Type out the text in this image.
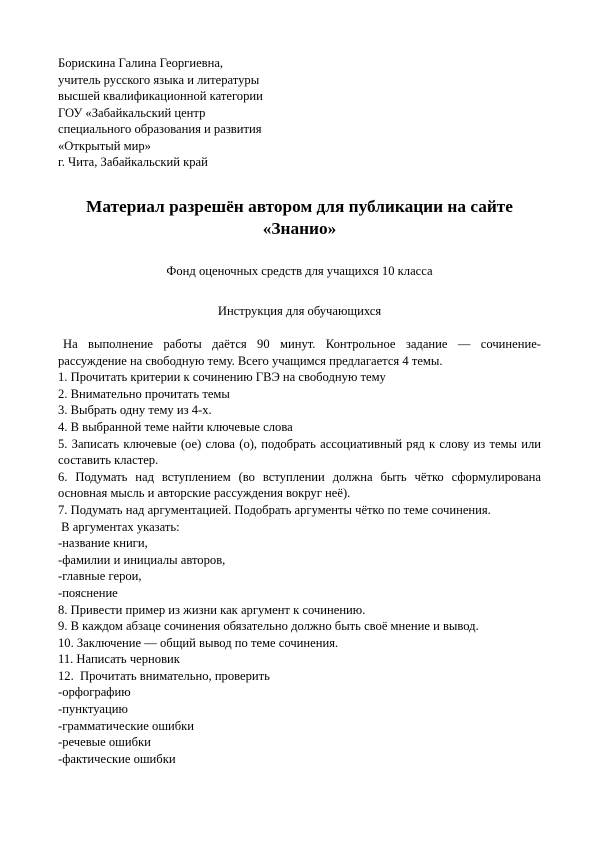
Борискина Галина Георгиевна,
учитель русского языка и литературы
высшей квалификационной категории
ГОУ «Забайкальский центр
специального образования и развития
«Открытый мир»
г. Чита, Забайкальский край
Материал разрешён автором для публикации на сайте
«Знанио»
Фонд оценочных средств для учащихся 10 класса
Инструкция для обучающихся

На выполнение работы даётся 90 минут. Контрольное задание — сочинение-рассуждение на свободную тему. Всего учащимся предлагается 4 темы.

1. Прочитать критерии к сочинению ГВЭ на свободную тему

2. Внимательно прочитать темы

3. Выбрать одну тему из 4-х.

4. В выбранной теме найти ключевые слова

5. Записать ключевые (ое) слова (о), подобрать ассоциативный ряд к слову из темы или составить кластер.

6. Подумать над вступлением (во вступлении должна быть чётко сформулирована основная мысль и авторские рассуждения вокруг неё).

7. Подумать над аргументацией. Подобрать аргументы чётко по теме сочинения.

В аргументах указать:

-название книги,

-фамилии и инициалы авторов,

-главные герои,

-пояснение

8. Привести пример из жизни как аргумент к сочинению.

9. В каждом абзаце сочинения обязательно должно быть своё мнение и вывод.

10. Заключение — общий вывод по теме сочинения.

11. Написать черновик

12.  Прочитать внимательно, проверить

-орфографию

-пунктуацию

-грамматические ошибки

-речевые ошибки

-фактические ошибки
